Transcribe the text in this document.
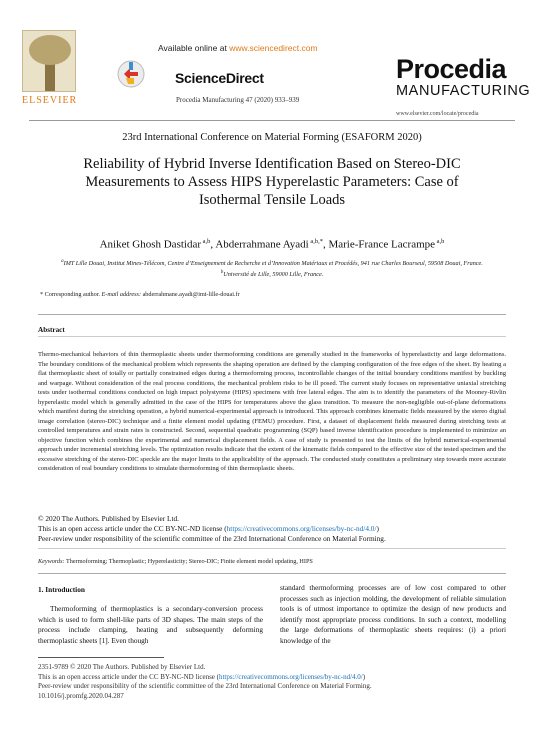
ELSEVIER
Available online at www.sciencedirect.com
ScienceDirect
Procedia Manufacturing 47 (2020) 933–939
Procedia
MANUFACTURING
www.elsevier.com/locate/procedia
23rd International Conference on Material Forming (ESAFORM 2020)
Reliability of Hybrid Inverse Identification Based on Stereo-DIC Measurements to Assess HIPS Hyperelastic Parameters: Case of Isothermal Tensile Loads
Aniket Ghosh Dastidar $^{a,b}$, Abderrahmane Ayadi $^{a,b,*}$, Marie-France Lacrampe $^{a,b}$
$^a$IMT Lille Douai, Institut Mines-Télécom, Centre d’Enseignement de Recherche et d’Innovation Matériaux et Procédés, 941 rue Charles Bourseul, 59508 Douai, France.
$^b$Université de Lille, 59000 Lille, France.
* Corresponding author. E-mail address: abderrahmane.ayadi@imt-lille-douai.fr
Abstract
Thermo-mechanical behaviors of thin thermoplastic sheets under thermoforming conditions are generally studied in the frameworks of hyperelasticity and large deformations. The boundary conditions of the mechanical problem which represents the shaping operation are defined by the clamping configuration of the free edges of the sheet. By heating a flat thermoplastic sheet of totally or partially constrained edges during a thermoforming process, incontrollable changes of the initial boundary conditions manifest by buckling and warpage. Without consideration of the real process conditions, the mechanical problem risks to be ill posed. The current study focuses on representative uniaxial stretching tests under isothermal conditions conducted on high impact polystyrene (HIPS) specimens with free lateral edges. The aim is to identify the parameters of the Mooney-Rivlin hyperelastic model which is generally admitted in the case of the HIPS for temperatures above the glass transition. To measure the non-negligible out-of-plane deformations which manifest during the stretching operation, a hybrid numerical-experimental approach is introduced. This approach combines kinematic fields measured by the stereo digital image correlation (stereo-DIC) technique and a finite element model updating (FEMU) procedure. First, a dataset of displacement fields measured during stretching tests at controlled temperatures and strain rates is constructed. Second, sequential quadratic programming (SQP) based inverse identification procedure is implemented to minimize an objective function which combines the experimental and numerical displacement fields. A case of study is presented to test the limits of the hybrid numerical-experimental approach under incremental stretching levels. The optimization results indicate that the extent of the kinematic fields compared to the effective size of the tested specimen and the excessive stretching of the stereo-DIC speckle are the major limits to the applicability of the approach. The conducted study constitutes a preliminary step towards more accurate consideration of real boundary conditions to simulate thermoforming of thin thermoplastic sheets.
© 2020 The Authors. Published by Elsevier Ltd.
This is an open access article under the CC BY-NC-ND license (https://creativecommons.org/licenses/by-nc-nd/4.0/)
Peer-review under responsibility of the scientific committee of the 23rd International Conference on Material Forming.
Keywords: Thermoforming; Thermoplastic; Hyperelasticity; Stereo-DIC; Finite element model updating, HIPS
1. Introduction
Thermoforming of thermoplastics is a secondary-conversion process which is used to form shell-like parts of 3D shapes. The main steps of the process include clamping, heating and subsequently deforming thermoplastic sheets [1]. Even though
standard thermoforming processes are of low cost compared to other processes such as injection molding, the development of reliable simulation tools is of utmost importance to optimize the design of new products and identify most appropriate process conditions. In such a context, modelling the large deformations of thermoplastic sheets requires: (i) a priori knowledge of the
2351-9789 © 2020 The Authors. Published by Elsevier Ltd.
This is an open access article under the CC BY-NC-ND license (https://creativecommons.org/licenses/by-nc-nd/4.0/)
Peer-review under responsibility of the scientific committee of the 23rd International Conference on Material Forming.
10.1016/j.promfg.2020.04.287
